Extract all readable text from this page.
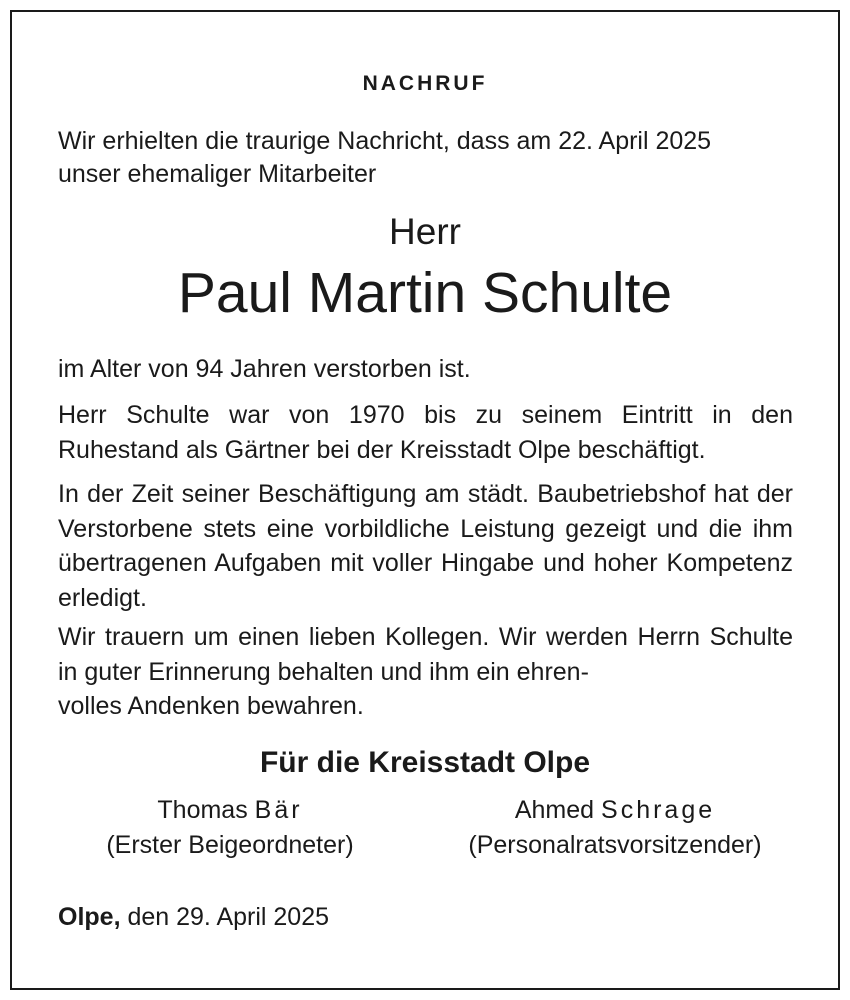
NACHRUF
Wir erhielten die traurige Nachricht, dass am 22. April 2025
unser ehemaliger Mitarbeiter
Herr
Paul Martin Schulte
im Alter von 94 Jahren verstorben ist.
Herr Schulte war von 1970 bis zu seinem Eintritt in den Ruhestand als Gärtner bei der Kreisstadt Olpe beschäftigt.
In der Zeit seiner Beschäftigung am städt. Baubetriebshof hat der Verstorbene stets eine vorbildliche Leistung gezeigt und die ihm übertragenen Aufgaben mit voller Hingabe und hoher Kompetenz erledigt.
Wir trauern um einen lieben Kollegen. Wir werden Herrn Schulte in guter Erinnerung behalten und ihm ein ehren-
volles Andenken bewahren.
Für die Kreisstadt Olpe
Thomas Bär
(Erster Beigeordneter)
Ahmed Schrage
(Personalratsvorsitzender)
Olpe, den 29. April 2025
